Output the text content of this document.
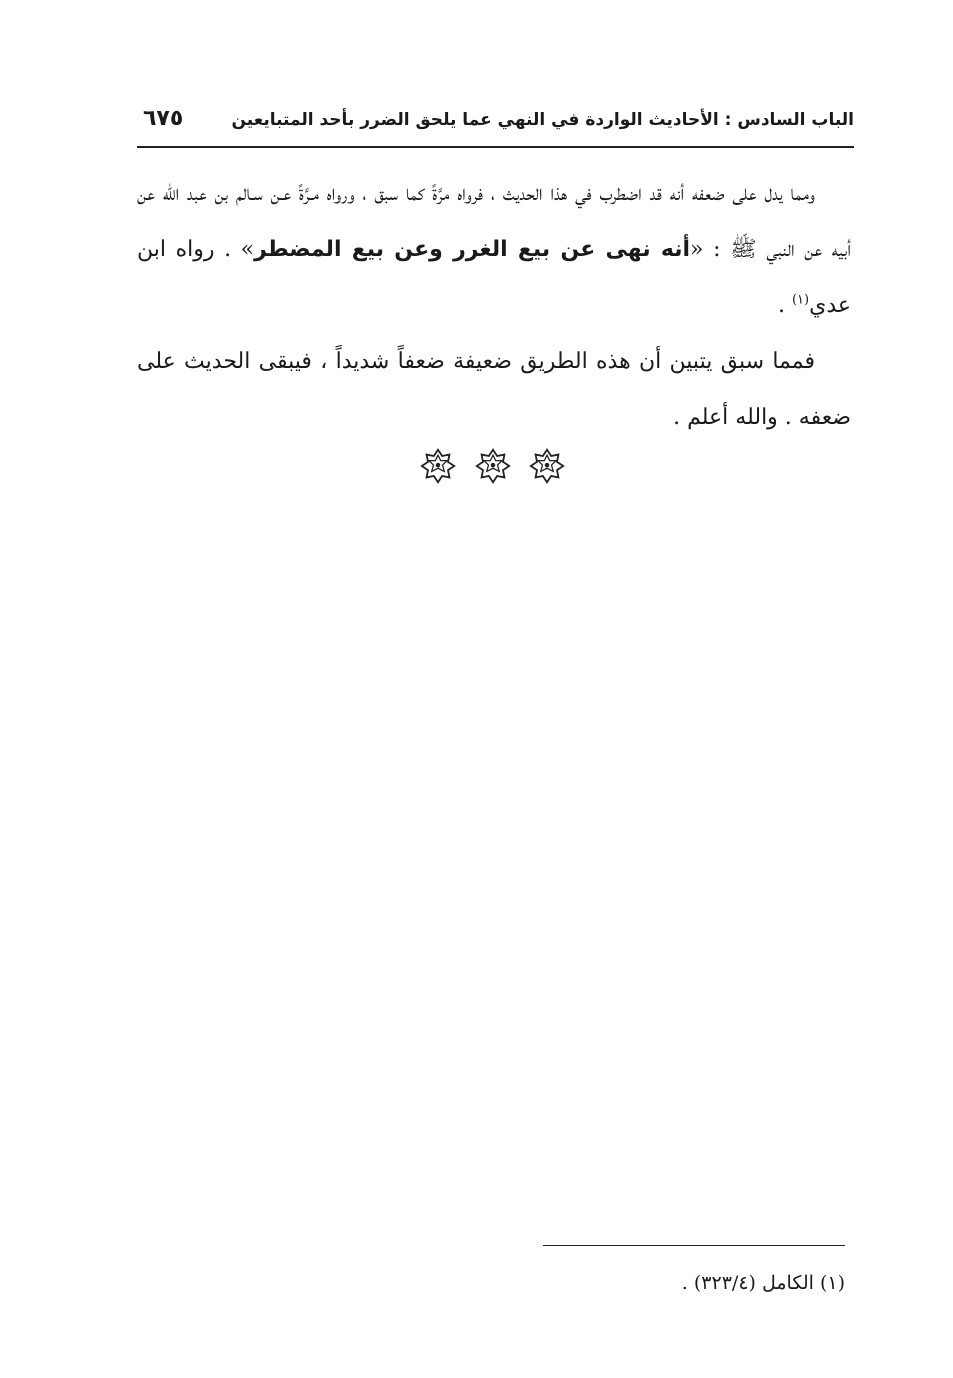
الباب السادس : الأحاديث الواردة في النهي عما يلحق الضرر بأحد المتبايعين
٦٧٥

ومما يدل على ضعفه أنه قد اضطرب في هذا الحديث ، فرواه مرَّةً كما سبق ، ورواه مـرَّةً عـن سـالم بن عبد الله عن أبيه عن النبي ﷺ : «أنه نهى عن بيع الغرر وعن بيع المضطر» . رواه ابن عدي$^{(١)}$ .

فمما سبق يتبين أن هذه الطريق ضعيفة ضعفاً شديداً ، فيبقى الحديث على ضعفه . والله أعلم .

(١) الكامل (٣٢٣/٤) .
